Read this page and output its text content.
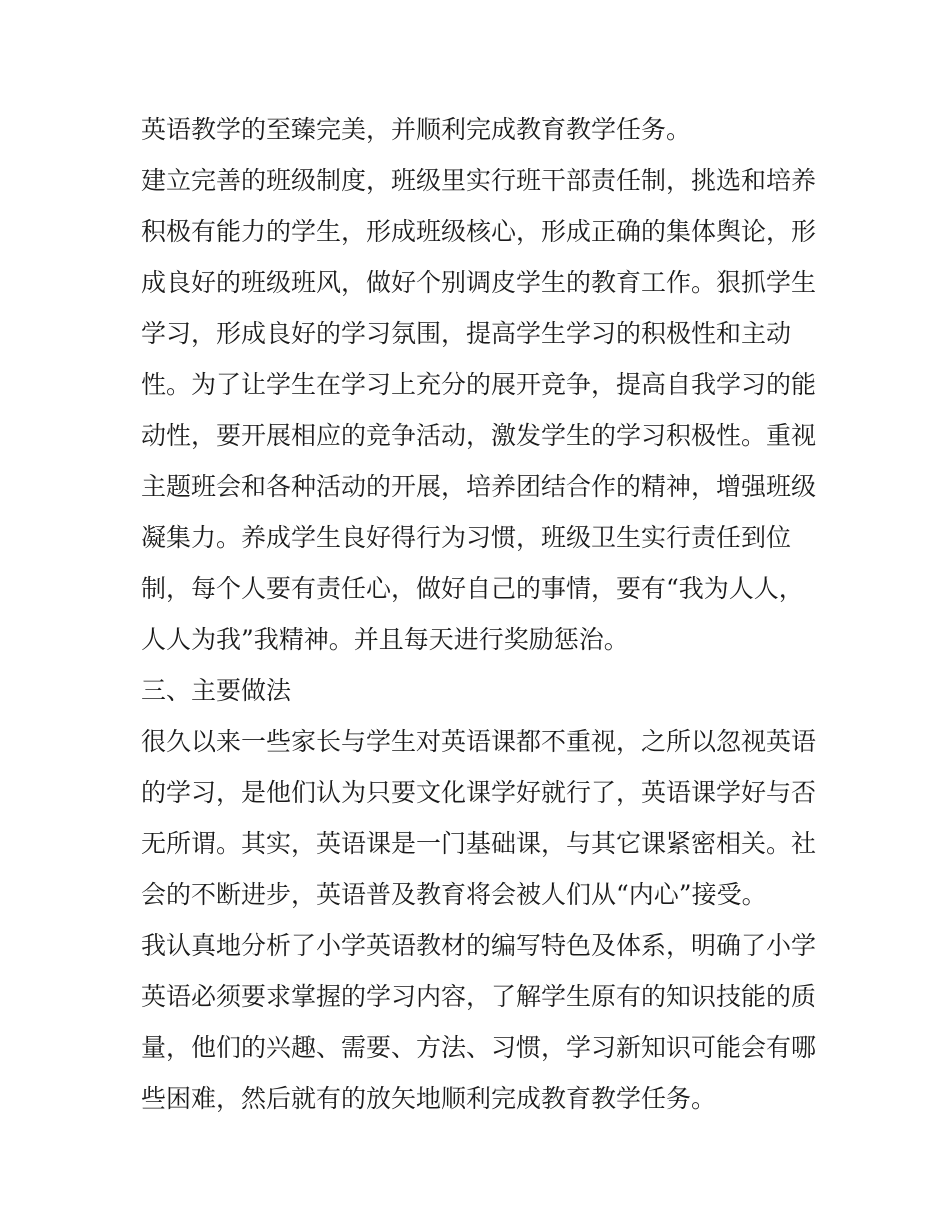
英语教学的至臻完美，并顺利完成教育教学任务。
建立完善的班级制度，班级里实行班干部责任制，挑选和培养
积极有能力的学生，形成班级核心，形成正确的集体舆论，形
成良好的班级班风，做好个别调皮学生的教育工作。狠抓学生
学习，形成良好的学习氛围，提高学生学习的积极性和主动
性。为了让学生在学习上充分的展开竞争，提高自我学习的能
动性，要开展相应的竞争活动，激发学生的学习积极性。重视
主题班会和各种活动的开展，培养团结合作的精神，增强班级
凝集力。养成学生良好得行为习惯，班级卫生实行责任到位
制，每个人要有责任心，做好自己的事情，要有“我为人人，
人人为我”我精神。并且每天进行奖励惩治。
三、主要做法
很久以来一些家长与学生对英语课都不重视，之所以忽视英语
的学习，是他们认为只要文化课学好就行了，英语课学好与否
无所谓。其实，英语课是一门基础课，与其它课紧密相关。社
会的不断进步，英语普及教育将会被人们从“内心”接受。
我认真地分析了小学英语教材的编写特色及体系，明确了小学
英语必须要求掌握的学习内容，了解学生原有的知识技能的质
量，他们的兴趣、需要、方法、习惯，学习新知识可能会有哪
些困难，然后就有的放矢地顺利完成教育教学任务。
